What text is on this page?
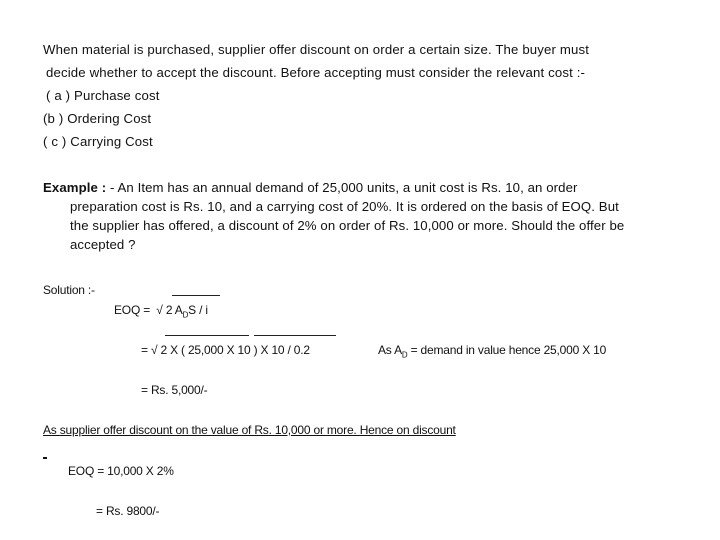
When material is purchased, supplier offer discount on order a certain size. The buyer must
decide whether to accept the discount. Before accepting must consider the relevant cost :-
( a ) Purchase cost
(b ) Ordering Cost
( c ) Carrying Cost
Example : - An Item has an annual demand of 25,000 units, a unit cost is Rs. 10, an order
preparation cost is Rs. 10, and a carrying cost of 20%. It is ordered on the basis of EOQ. But
the supplier has offered, a discount of 2% on order of Rs. 10,000 or more. Should the offer be
accepted ?
Solution :-
EOQ = √ 2 $A_DS$ / i
= √ 2 X ( 25,000 X 10 ) X 10 / 0.2	As $A_D$ = demand in value hence 25,000 X 10
= Rs. 5,000/-
As supplier offer discount on the value of Rs. 10,000 or more. Hence on discount
EOQ = 10,000 X 2%
= Rs. 9800/-
